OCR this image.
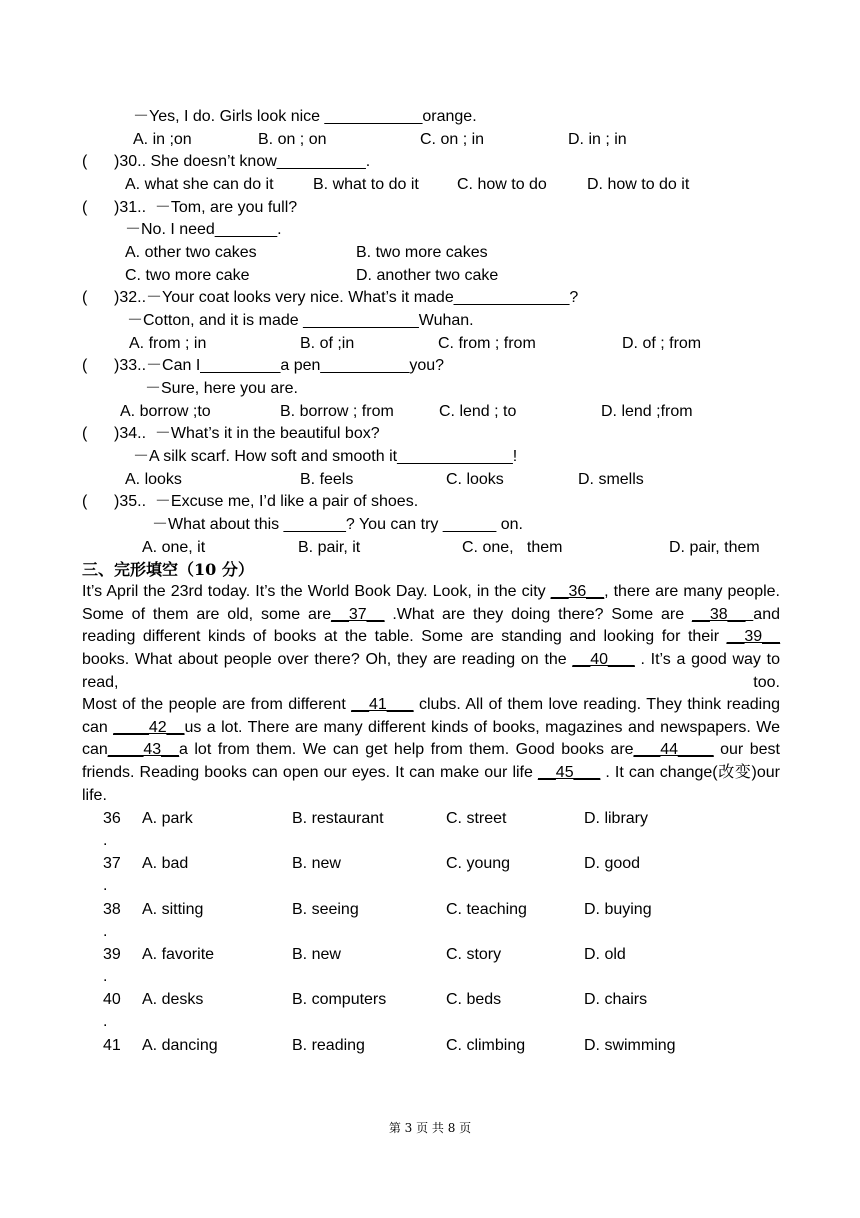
－Yes, I do. Girls look nice ___________orange.
A. in ;on	B. on ; on	C. on ; in	D. in ; in
(      )30.. She doesn’t know__________.
A. what she can do it B. what to do it C. how to do	D. how to do it
(      )31..  －Tom, are you full?
－No. I need_______.
A. other two cakes	B. two more cakes
C. two more cake	D. another two cake
(      )32..－Your coat looks very nice. What’s it made_____________?
－Cotton, and it is made _____________Wuhan.
A. from ; in	B. of ;in	C. from ; from	D. of ; from
(      )33..－Can I_________a pen__________you?
－Sure, here you are.
A. borrow ;to	B. borrow ; from	C. lend ; to	D. lend ;from
(      )34..  －What’s it in the beautiful box?
－A silk scarf. How soft and smooth it_____________!
A. looks	B. feels	C. looks	D. smells
(      )35..  －Excuse me, I’d like a pair of shoes.
－What about this _______? You can try ______ on.
A. one, it	B. pair, it	C. one,   them	D. pair, them
三、完形填空（10 分）
It’s April the 23rd today. It’s the World Book Day. Look, in the city __36__, there are many people. Some of them are old, some are__37__ .What are they doing there? Some are __38__ and reading different kinds of books at the table. Some are standing and looking for their __39__ books. What about people over there? Oh, they are reading on the __40___ . It’s a good way to read, too.
Most of the people are from different __41___ clubs. All of them love reading. They think reading can ____42__us a lot. There are many different kinds of books, magazines and newspapers. We can____43__a lot from them. We can get help from them. Good books are___44____ our best friends. Reading books can open our eyes. It can make our life __45___ . It can change(改变)our life.
36
.
A. park	B. restaurant	C. street	D. library
37
.
A. bad	B. new	C. young	D. good
38
.
A. sitting	B. seeing	C. teaching	D. buying
39
.
A. favorite	B. new	C. story	D. old
40
.
A. desks	B. computers	C. beds	D. chairs
41 A. dancing	B. reading	C. climbing	D. swimming
第 3 页 共 8 页
